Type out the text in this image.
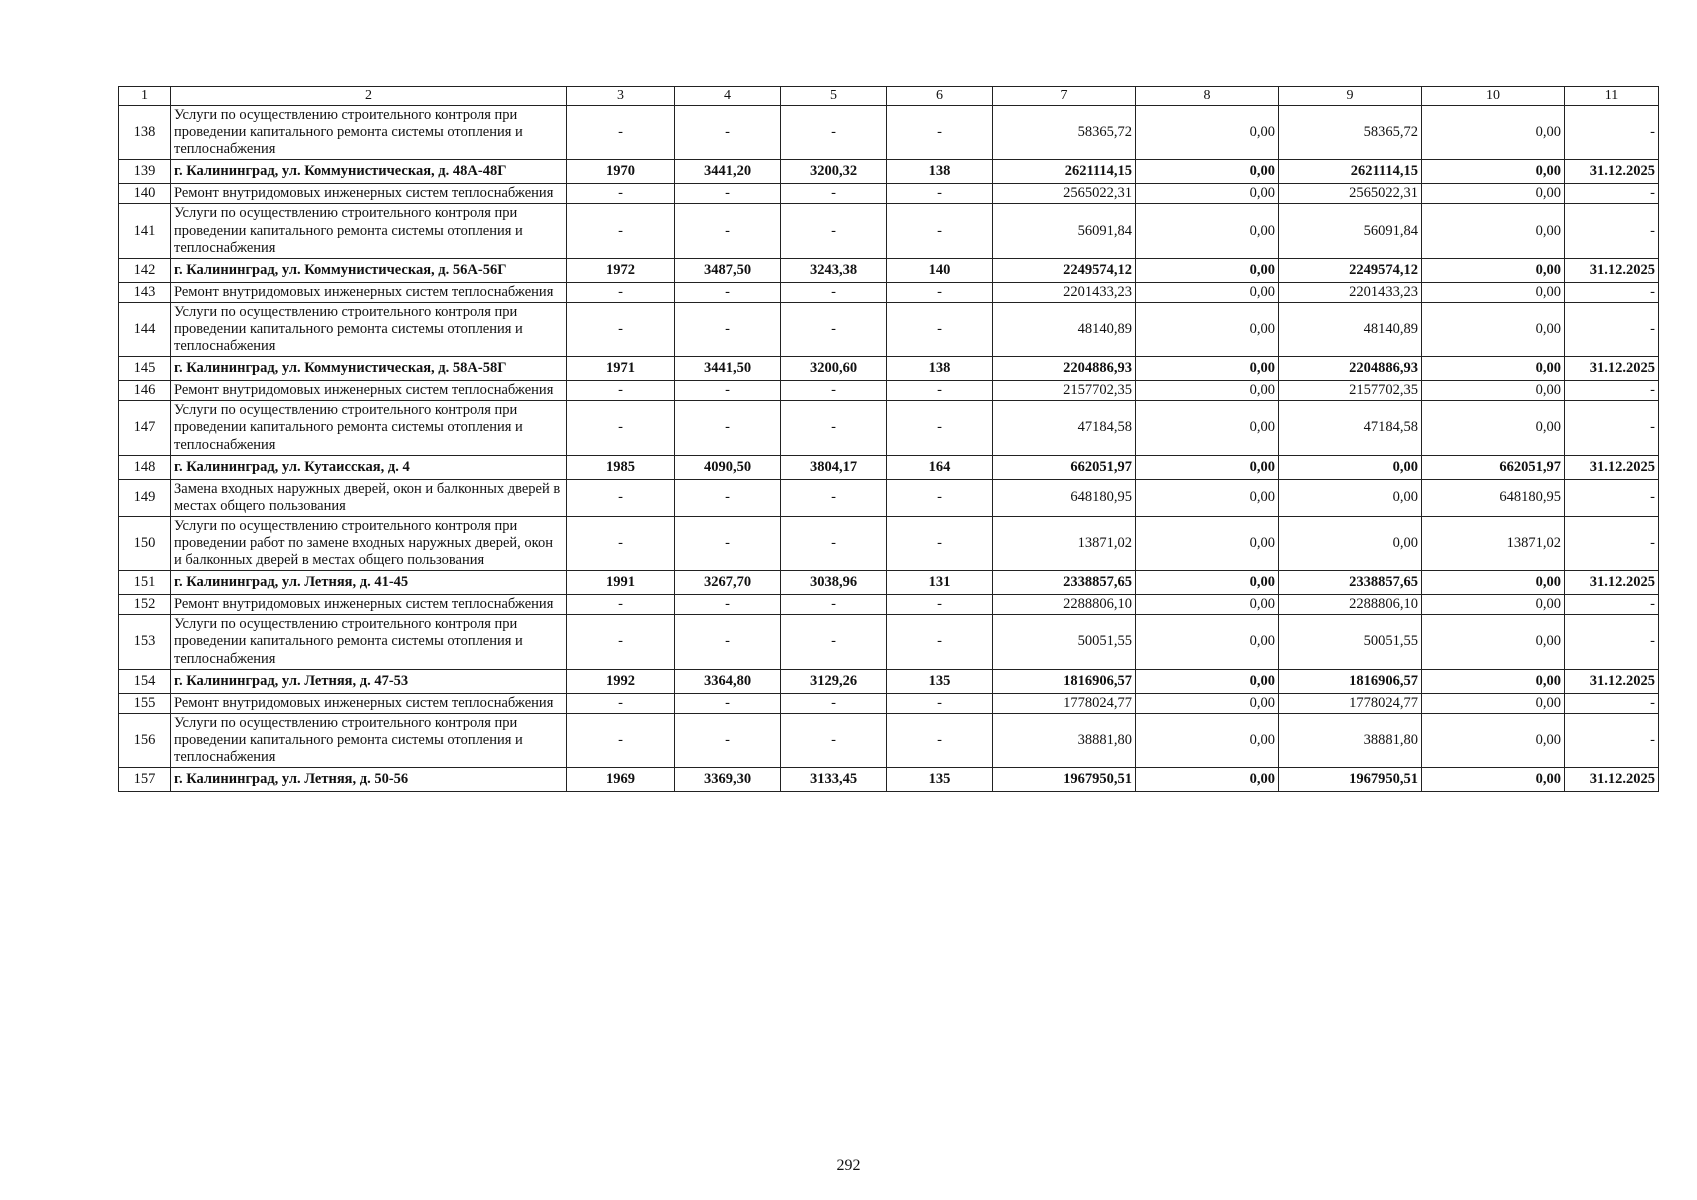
1	2	3	4	5	6	7	8	9	10	11
138	Услуги по осуществлению строительного контроля при проведении капитального ремонта системы отопления и теплоснабжения	-	-	-	-	58365,72	0,00	58365,72	0,00	-
139	г. Калининград, ул. Коммунистическая, д. 48А-48Г	1970	3441,20	3200,32	138	2621114,15	0,00	2621114,15	0,00	31.12.2025
140	Ремонт внутридомовых инженерных систем теплоснабжения	-	-	-	-	2565022,31	0,00	2565022,31	0,00	-
141	Услуги по осуществлению строительного контроля при проведении капитального ремонта системы отопления и теплоснабжения	-	-	-	-	56091,84	0,00	56091,84	0,00	-
142	г. Калининград, ул. Коммунистическая, д. 56А-56Г	1972	3487,50	3243,38	140	2249574,12	0,00	2249574,12	0,00	31.12.2025
143	Ремонт внутридомовых инженерных систем теплоснабжения	-	-	-	-	2201433,23	0,00	2201433,23	0,00	-
144	Услуги по осуществлению строительного контроля при проведении капитального ремонта системы отопления и теплоснабжения	-	-	-	-	48140,89	0,00	48140,89	0,00	-
145	г. Калининград, ул. Коммунистическая, д. 58А-58Г	1971	3441,50	3200,60	138	2204886,93	0,00	2204886,93	0,00	31.12.2025
146	Ремонт внутридомовых инженерных систем теплоснабжения	-	-	-	-	2157702,35	0,00	2157702,35	0,00	-
147	Услуги по осуществлению строительного контроля при проведении капитального ремонта системы отопления и теплоснабжения	-	-	-	-	47184,58	0,00	47184,58	0,00	-
148	г. Калининград, ул. Кутаисская, д. 4	1985	4090,50	3804,17	164	662051,97	0,00	0,00	662051,97	31.12.2025
149	Замена входных наружных дверей, окон и балконных дверей в местах общего пользования	-	-	-	-	648180,95	0,00	0,00	648180,95	-
150	Услуги по осуществлению строительного контроля при проведении работ по замене входных наружных дверей, окон и балконных дверей в местах общего пользования	-	-	-	-	13871,02	0,00	0,00	13871,02	-
151	г. Калининград, ул. Летняя, д. 41-45	1991	3267,70	3038,96	131	2338857,65	0,00	2338857,65	0,00	31.12.2025
152	Ремонт внутридомовых инженерных систем теплоснабжения	-	-	-	-	2288806,10	0,00	2288806,10	0,00	-
153	Услуги по осуществлению строительного контроля при проведении капитального ремонта системы отопления и теплоснабжения	-	-	-	-	50051,55	0,00	50051,55	0,00	-
154	г. Калининград, ул. Летняя, д. 47-53	1992	3364,80	3129,26	135	1816906,57	0,00	1816906,57	0,00	31.12.2025
155	Ремонт внутридомовых инженерных систем теплоснабжения	-	-	-	-	1778024,77	0,00	1778024,77	0,00	-
156	Услуги по осуществлению строительного контроля при проведении капитального ремонта системы отопления и теплоснабжения	-	-	-	-	38881,80	0,00	38881,80	0,00	-
157	г. Калининград, ул. Летняя, д. 50-56	1969	3369,30	3133,45	135	1967950,51	0,00	1967950,51	0,00	31.12.2025
292
